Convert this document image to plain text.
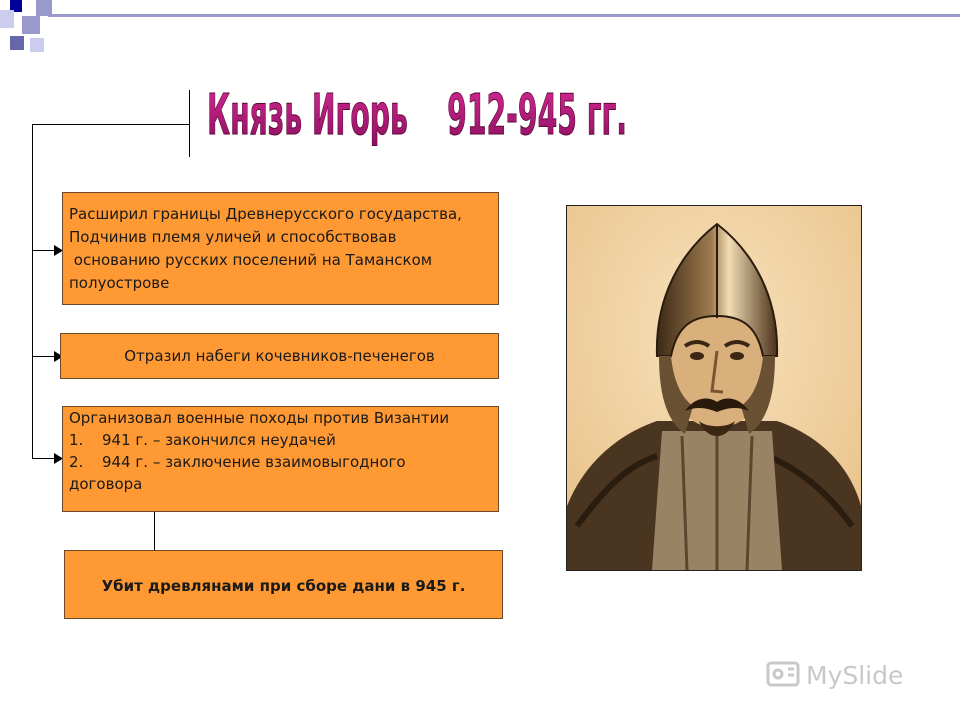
Князь Игорь    912-945 гг.

Расширил границы Древнерусского государства,

Подчинив племя уличей и способствовав

основанию русских поселений на Таманском

полуострове

Отразил набеги кочевников-печенегов

Организовал военные походы против Византии

1. 941 г. – закончился неудачей

2. 944 г. – заключение взаимовыгодного

договора

Убит древлянами при сборе дани в 945 г.

MySlide
